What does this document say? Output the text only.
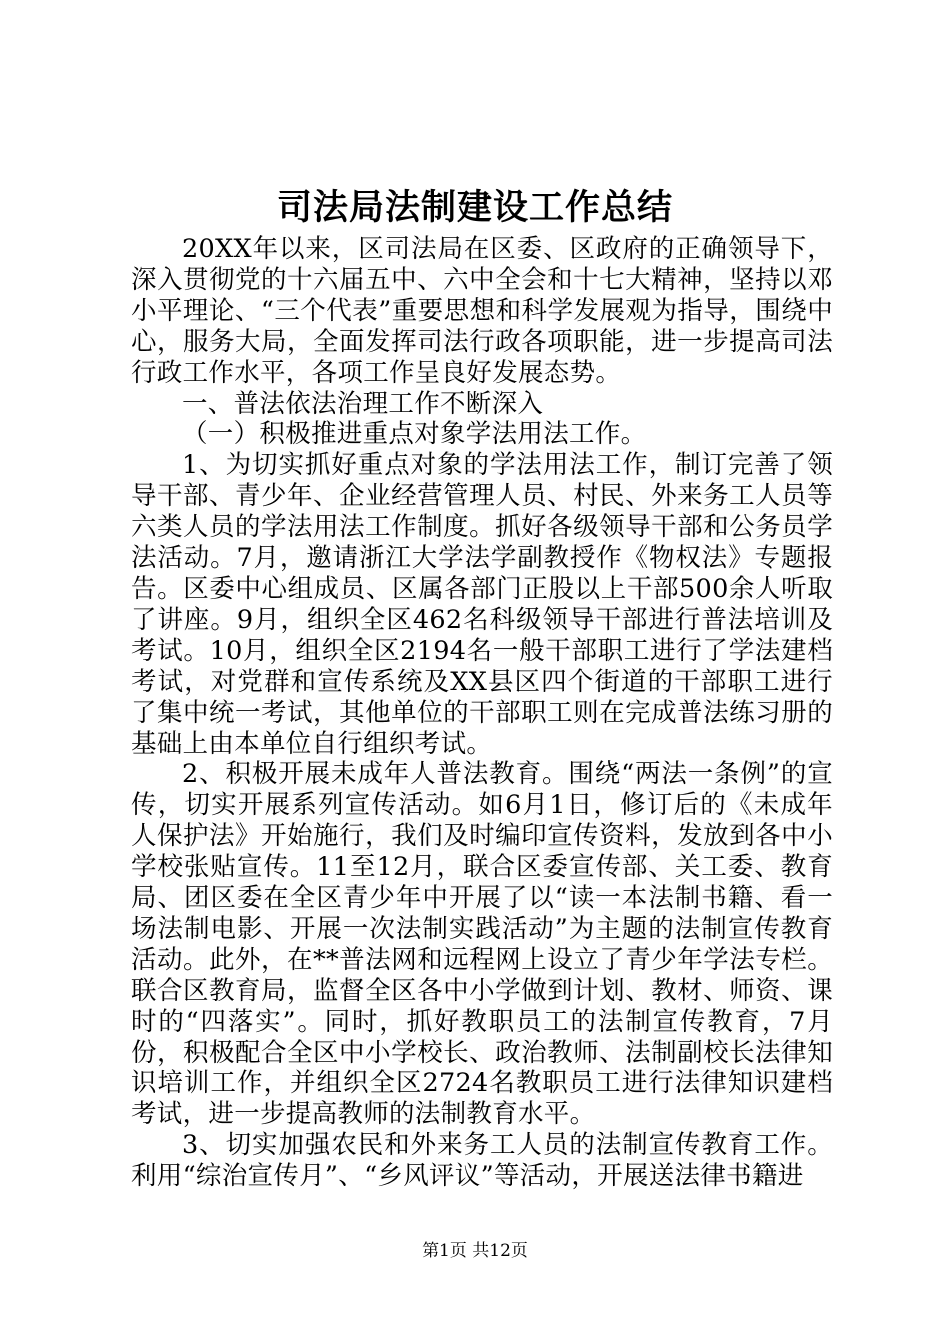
司法局法制建设工作总结

20XX年以来，区司法局在区委、区政府的正确领导下，深入贯彻党的十六届五中、六中全会和十七大精神，坚持以邓小平理论、“三个代表”重要思想和科学发展观为指导，围绕中心，服务大局，全面发挥司法行政各项职能，进一步提高司法行政工作水平，各项工作呈良好发展态势。

一、普法依法治理工作不断深入

（一）积极推进重点对象学法用法工作。

1、为切实抓好重点对象的学法用法工作，制订完善了领导干部、青少年、企业经营管理人员、村民、外来务工人员等六类人员的学法用法工作制度。抓好各级领导干部和公务员学法活动。7月，邀请浙江大学法学副教授作《物权法》专题报告。区委中心组成员、区属各部门正股以上干部500余人听取了讲座。9月，组织全区462名科级领导干部进行普法培训及考试。10月，组织全区2194名一般干部职工进行了学法建档考试，对党群和宣传系统及XX县区四个街道的干部职工进行了集中统一考试，其他单位的干部职工则在完成普法练习册的基础上由本单位自行组织考试。

2、积极开展未成年人普法教育。围绕“两法一条例”的宣传，切实开展系列宣传活动。如6月1日，修订后的《未成年人保护法》开始施行，我们及时编印宣传资料，发放到各中小学校张贴宣传。11至12月，联合区委宣传部、关工委、教育局、团区委在全区青少年中开展了以“读一本法制书籍、看一场法制电影、开展一次法制实践活动”为主题的法制宣传教育活动。此外，在**普法网和远程网上设立了青少年学法专栏。联合区教育局，监督全区各中小学做到计划、教材、师资、课时的“四落实”。同时，抓好教职员工的法制宣传教育，7月份，积极配合全区中小学校长、政治教师、法制副校长法律知识培训工作，并组织全区2724名教职员工进行法律知识建档考试，进一步提高教师的法制教育水平。

3、切实加强农民和外来务工人员的法制宣传教育工作。利用“综治宣传月”、“乡风评议”等活动，开展送法律书籍进

第1页 共12页
